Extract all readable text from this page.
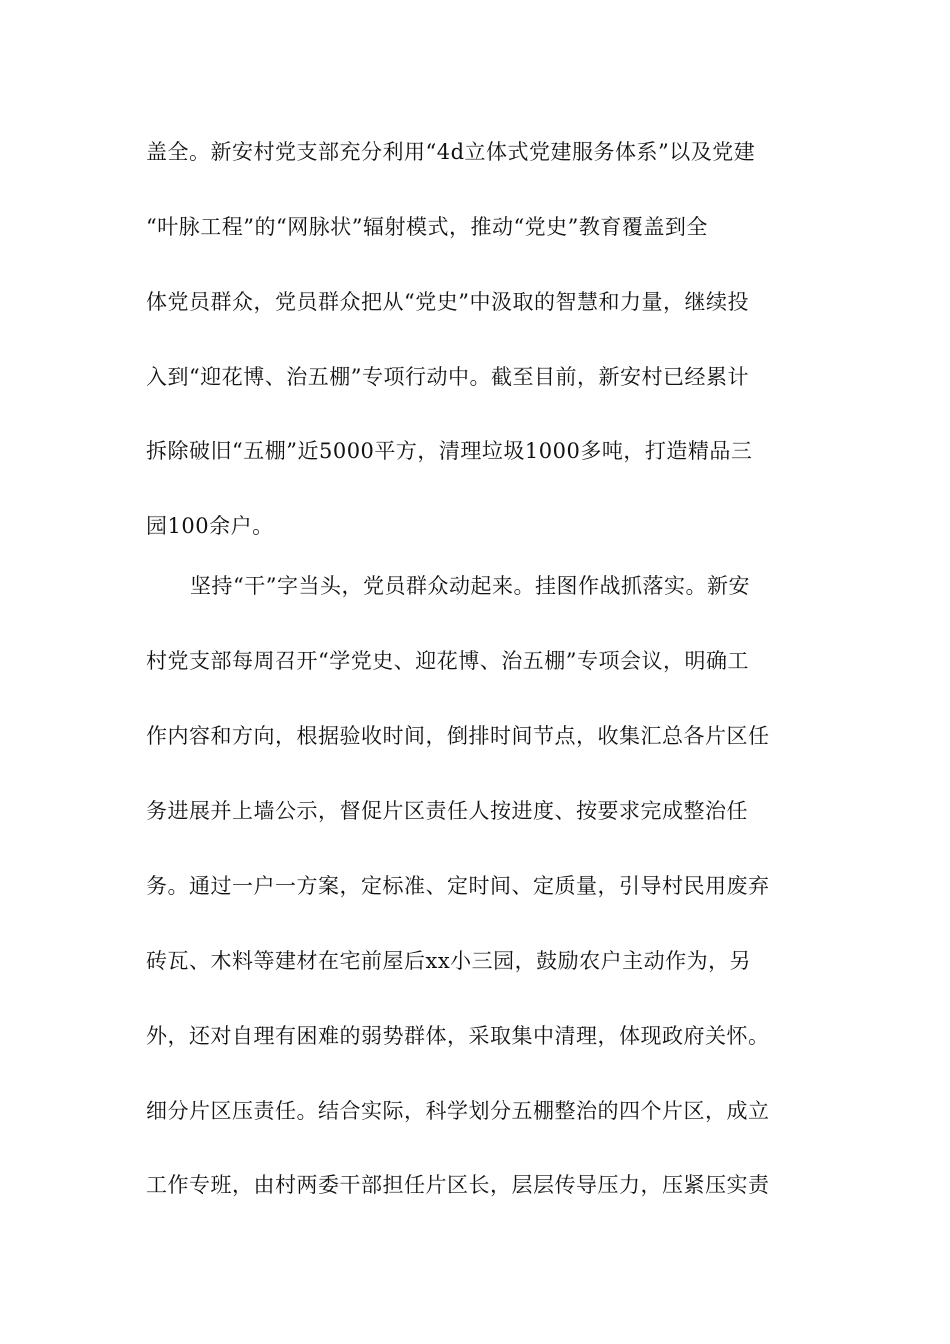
盖全。新安村党支部充分利用“4d立体式党建服务体系”以及党建
“叶脉工程”的“网脉状”辐射模式，推动“党史”教育覆盖到全
体党员群众，党员群众把从“党史”中汲取的智慧和力量，继续投
入到“迎花博、治五棚”专项行动中。截至目前，新安村已经累计
拆除破旧“五棚”近5000平方，清理垃圾1000多吨，打造精品三
园100余户。
坚持“干”字当头，党员群众动起来。挂图作战抓落实。新安
村党支部每周召开“学党史、迎花博、治五棚”专项会议，明确工
作内容和方向，根据验收时间，倒排时间节点，收集汇总各片区任
务进展并上墙公示，督促片区责任人按进度、按要求完成整治任
务。通过一户一方案，定标准、定时间、定质量，引导村民用废弃
砖瓦、木料等建材在宅前屋后xx小三园，鼓励农户主动作为，另
外，还对自理有困难的弱势群体，采取集中清理，体现政府关怀。
细分片区压责任。结合实际，科学划分五棚整治的四个片区，成立
工作专班，由村两委干部担任片区长，层层传导压力，压紧压实责
